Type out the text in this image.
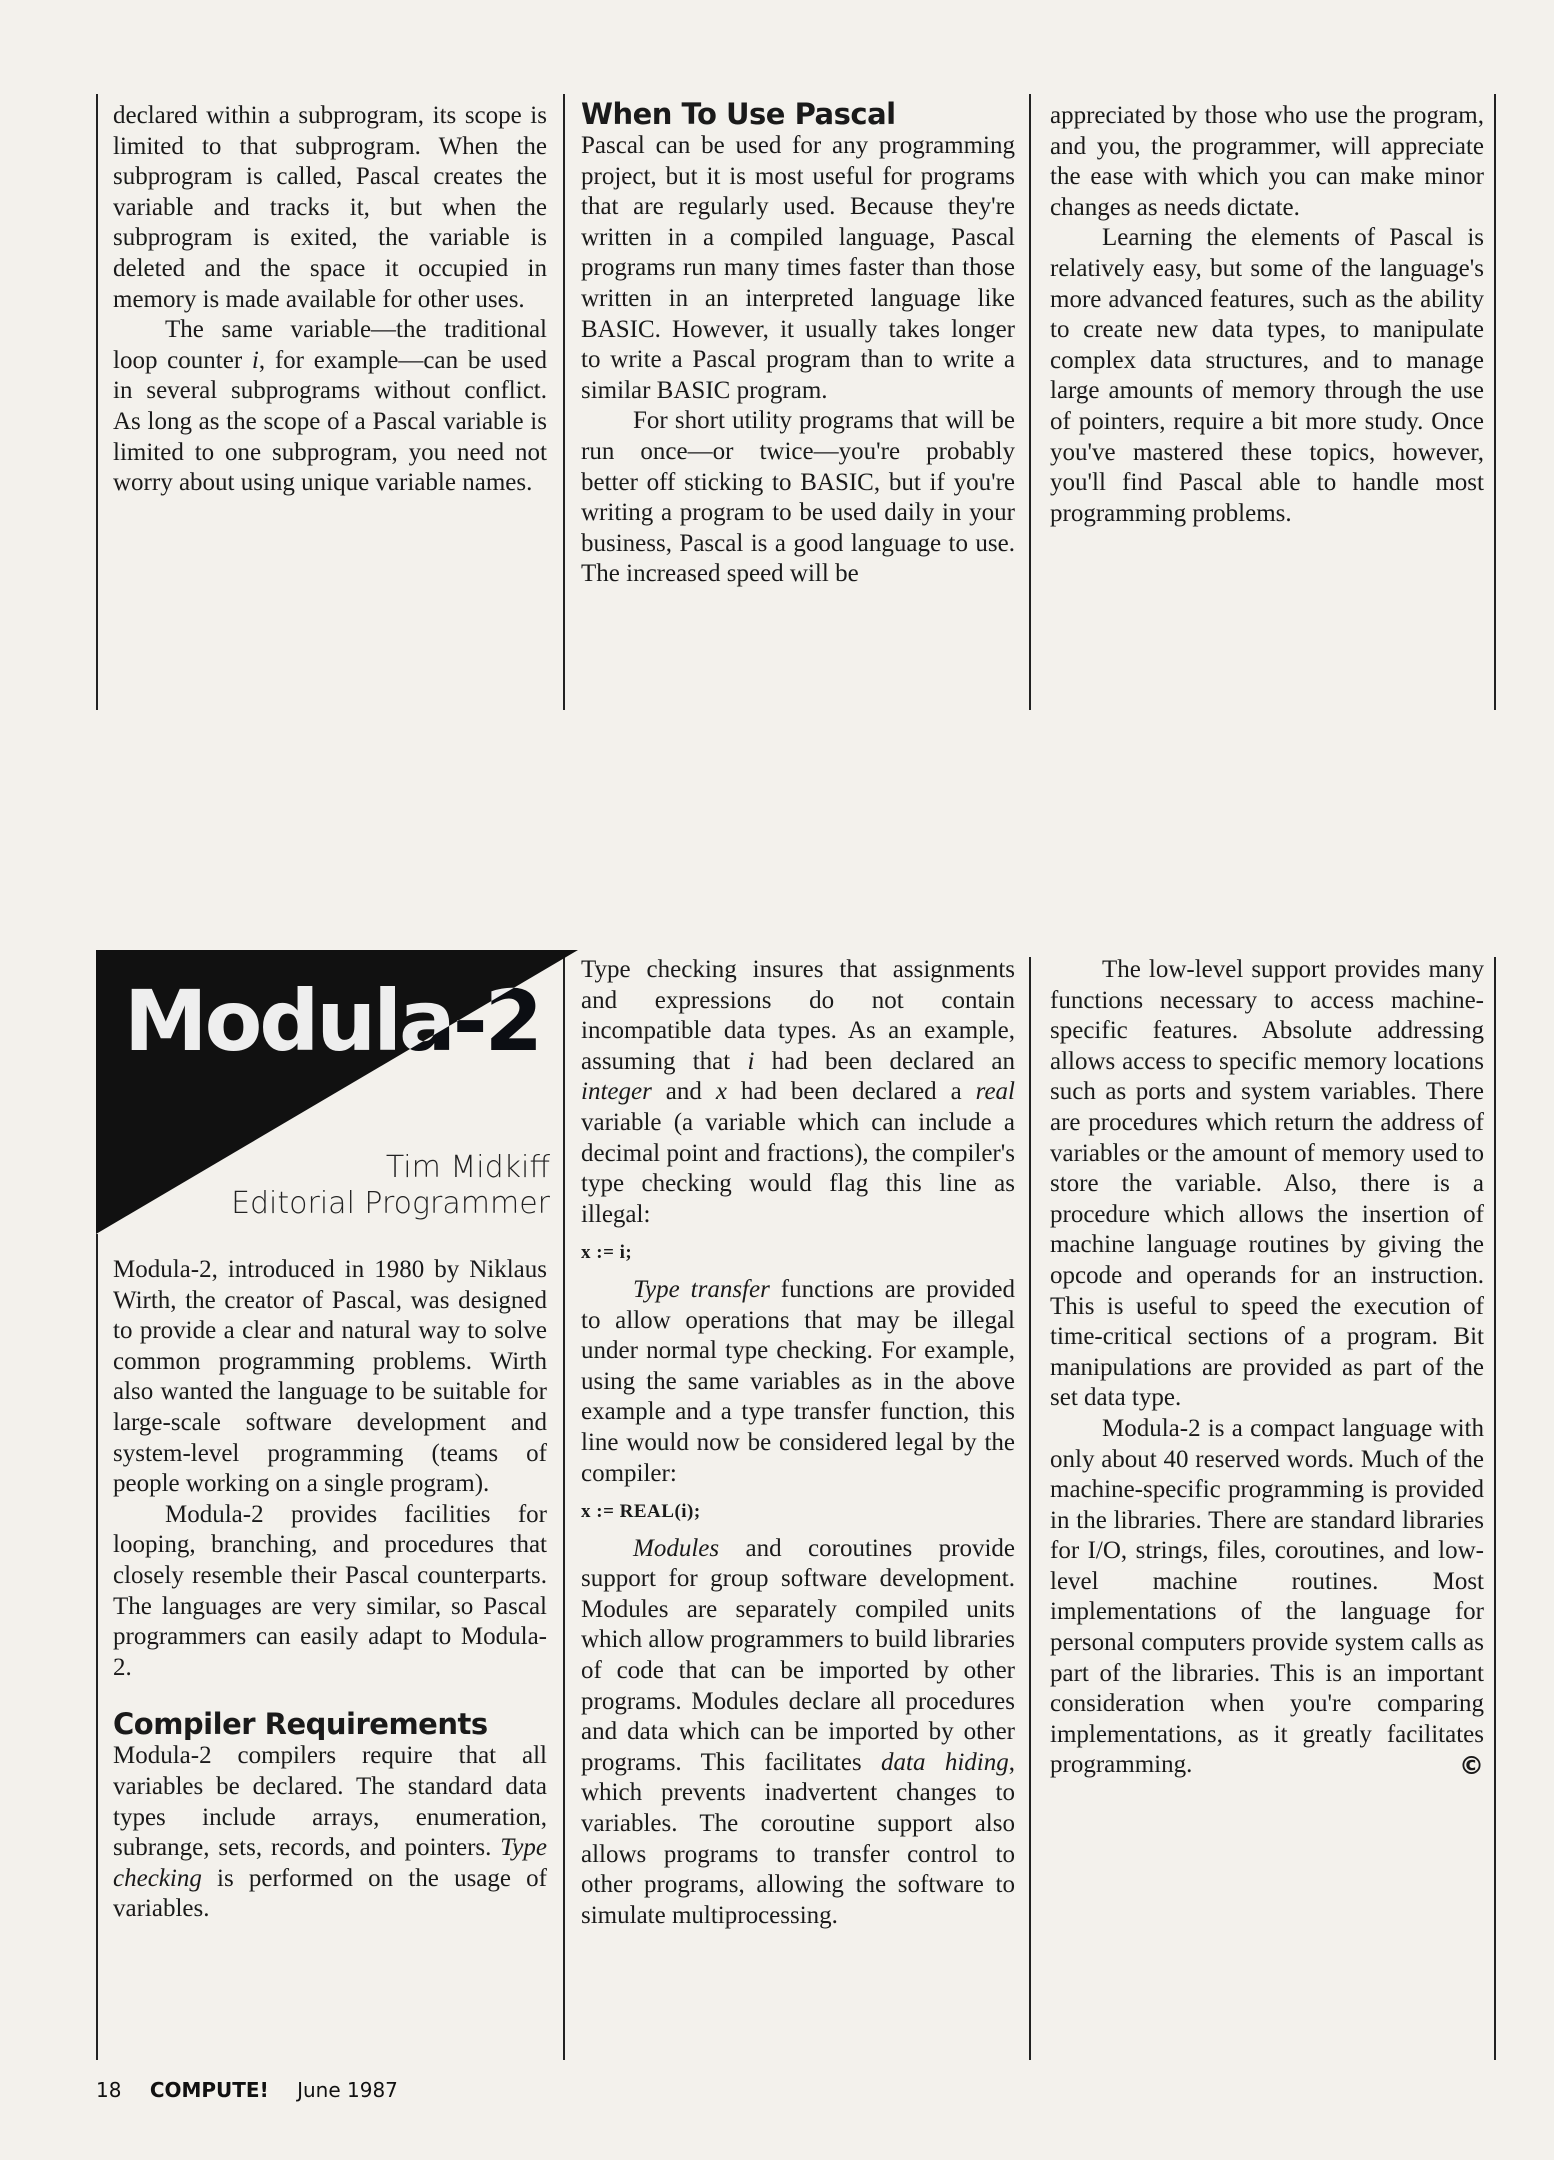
declared within a subprogram, its scope is limited to that subprogram. When the subprogram is called, Pascal creates the variable and tracks it, but when the subprogram is exited, the variable is deleted and the space it occupied in memory is made available for other uses.

The same variable—the traditional loop counter i, for example—can be used in several subprograms without conflict. As long as the scope of a Pascal variable is limited to one subprogram, you need not worry about using unique variable names.

When To Use Pascal

Pascal can be used for any programming project, but it is most useful for programs that are regularly used. Because they're written in a compiled language, Pascal programs run many times faster than those written in an interpreted language like BASIC. However, it usually takes longer to write a Pascal program than to write a similar BASIC program.

For short utility programs that will be run once—or twice—you're probably better off sticking to BASIC, but if you're writing a program to be used daily in your business, Pascal is a good language to use. The increased speed will be

appreciated by those who use the program, and you, the programmer, will appreciate the ease with which you can make minor changes as needs dictate.

Learning the elements of Pascal is relatively easy, but some of the language's more advanced features, such as the ability to create new data types, to manipulate complex data structures, and to manage large amounts of memory through the use of pointers, require a bit more study. Once you've mastered these topics, however, you'll find Pascal able to handle most programming problems.

Modula-2
Tim Midkiff
Editorial Programmer

Modula-2, introduced in 1980 by Niklaus Wirth, the creator of Pascal, was designed to provide a clear and natural way to solve common programming problems. Wirth also wanted the language to be suitable for large-scale software development and system-level programming (teams of people working on a single program).

Modula-2 provides facilities for looping, branching, and procedures that closely resemble their Pascal counterparts. The languages are very similar, so Pascal programmers can easily adapt to Modula-2.

Compiler Requirements

Modula-2 compilers require that all variables be declared. The standard data types include arrays, enumeration, subrange, sets, records, and pointers. Type checking is performed on the usage of variables.

Type checking insures that assignments and expressions do not contain incompatible data types. As an example, assuming that i had been declared an integer and x had been declared a real variable (a variable which can include a decimal point and fractions), the compiler's type checking would flag this line as illegal:

x := i;

Type transfer functions are provided to allow operations that may be illegal under normal type checking. For example, using the same variables as in the above example and a type transfer function, this line would now be considered legal by the compiler:

x := REAL(i);

Modules and coroutines provide support for group software development. Modules are separately compiled units which allow programmers to build libraries of code that can be imported by other programs. Modules declare all procedures and data which can be imported by other programs. This facilitates data hiding, which prevents inadvertent changes to variables. The coroutine support also allows programs to transfer control to other programs, allowing the software to simulate multiprocessing.

The low-level support provides many functions necessary to access machine-specific features. Absolute addressing allows access to specific memory locations such as ports and system variables. There are procedures which return the address of variables or the amount of memory used to store the variable. Also, there is a procedure which allows the insertion of machine language routines by giving the opcode and operands for an instruction. This is useful to speed the execution of time-critical sections of a program. Bit manipulations are provided as part of the set data type.

Modula-2 is a compact language with only about 40 reserved words. Much of the machine-specific programming is provided in the libraries. There are standard libraries for I/O, strings, files, coroutines, and low-level machine routines. Most implementations of the language for personal computers provide system calls as part of the libraries. This is an important consideration when you're comparing implementations, as it greatly facilitates programming.	©
18 COMPUTE! June 1987
